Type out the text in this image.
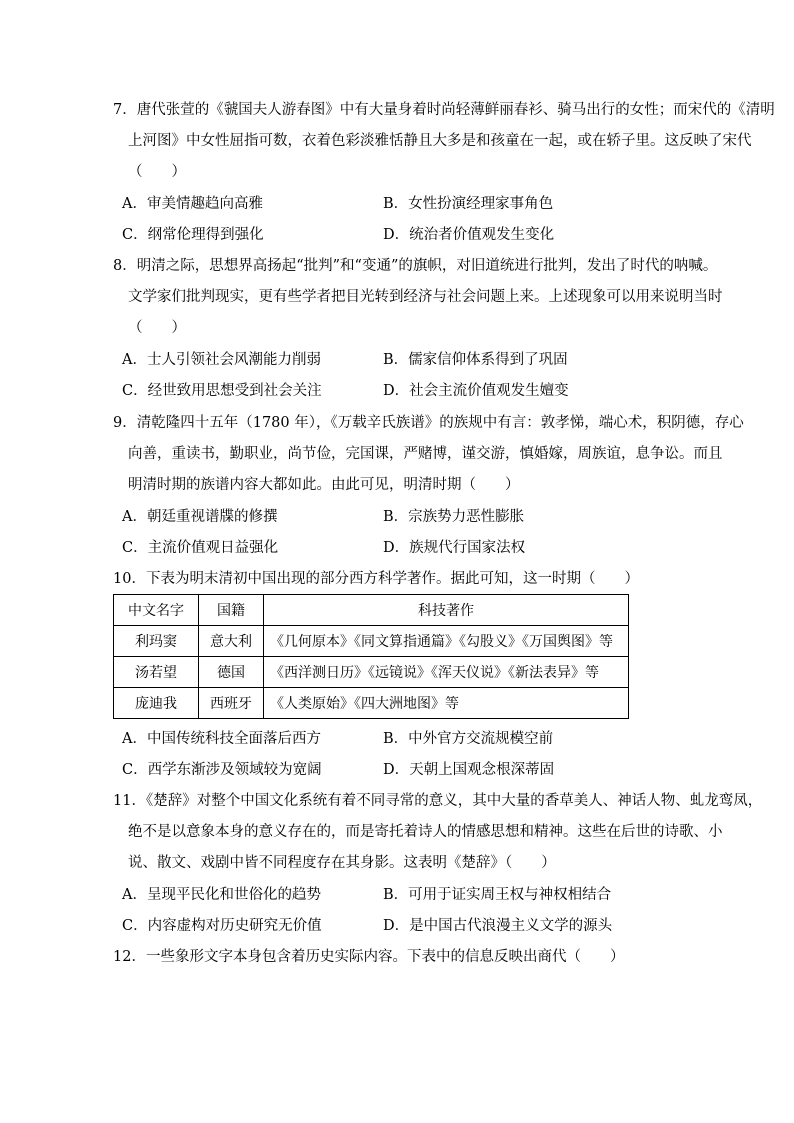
7．唐代张萱的《虢国夫人游春图》中有大量身着时尚轻薄鲜丽春衫、骑马出行的女性；而宋代的《清明
上河图》中女性屈指可数，衣着色彩淡雅恬静且大多是和孩童在一起，或在轿子里。这反映了宋代
（　　）
A．审美情趣趋向高雅	B．女性扮演经理家事角色
C．纲常伦理得到强化	D．统治者价值观发生变化
8．明清之际，思想界高扬起“批判”和“变通”的旗帜，对旧道统进行批判，发出了时代的呐喊。
文学家们批判现实，更有些学者把目光转到经济与社会问题上来。上述现象可以用来说明当时
（　　）
A．士人引领社会风潮能力削弱	B．儒家信仰体系得到了巩固
C．经世致用思想受到社会关注	D．社会主流价值观发生嬗变
9．清乾隆四十五年（1780 年），《万载辛氏族谱》的族规中有言：敦孝悌，端心术，积阴德，存心
向善，重读书，勤职业，尚节俭，完国课，严赌博，谨交游，慎婚嫁，周族谊，息争讼。而且
明清时期的族谱内容大都如此。由此可见，明清时期（　　）
A．朝廷重视谱牒的修撰	B．宗族势力恶性膨胀
C．主流价值观日益强化	D．族规代行国家法权
10．下表为明末清初中国出现的部分西方科学著作。据此可知，这一时期（　　）
中文名字	国籍	科技著作
利玛窦	意大利	《几何原本》《同文算指通篇》《勾股义》《万国舆图》等
汤若望	德国	《西洋测日历》《远镜说》《浑天仪说》《新法表异》等
庞迪我	西班牙	《人类原始》《四大洲地图》等
A．中国传统科技全面落后西方	B．中外官方交流规模空前
C．西学东渐涉及领域较为宽阔	D．天朝上国观念根深蒂固
11．《楚辞》对整个中国文化系统有着不同寻常的意义，其中大量的香草美人、神话人物、虬龙鸾凤，
绝不是以意象本身的意义存在的，而是寄托着诗人的情感思想和精神。这些在后世的诗歌、小
说、散文、戏剧中皆不同程度存在其身影。这表明《楚辞》（　　）
A．呈现平民化和世俗化的趋势	B．可用于证实周王权与神权相结合
C．内容虚构对历史研究无价值	D．是中国古代浪漫主义文学的源头
12．一些象形文字本身包含着历史实际内容。下表中的信息反映出商代（　　）
